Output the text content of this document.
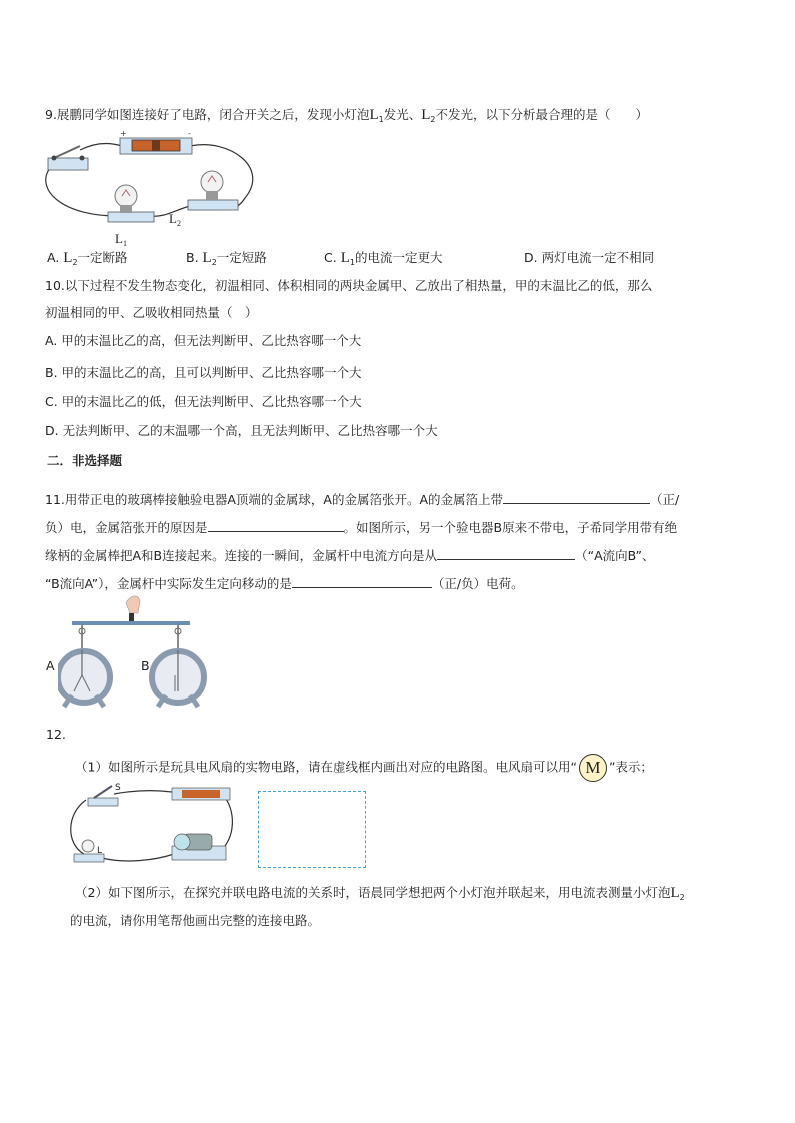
9.展鹏同学如图连接好了电路，闭合开关之后，发现小灯泡$L_1$发光、$L_2$不发光，以下分析最合理的是（　　）
+	-
$L_2$
$L_1$
A. $L_2$一定断路	B. $L_2$一定短路	C. $L_1$的电流一定更大	D. 两灯电流一定不相同
10.以下过程不发生物态变化，初温相同、体积相同的两块金属甲、乙放出了相热量，甲的末温比乙的低，那么
初温相同的甲、乙吸收相同热量（　）
A. 甲的末温比乙的高，但无法判断甲、乙比热容哪一个大
B. 甲的末温比乙的高，且可以判断甲、乙比热容哪一个大
C. 甲的末温比乙的低，但无法判断甲、乙比热容哪一个大
D. 无法判断甲、乙的末温哪一个高，且无法判断甲、乙比热容哪一个大
二．非选择题
11.用带正电的玻璃棒接触验电器A顶端的金属球，A的金属箔张开。A的金属箔上带	（正/
负）电，金属箔张开的原因是	。如图所示，另一个验电器B原来不带电，子希同学用带有绝
缘柄的金属棒把A和B连接起来。连接的一瞬间，金属杆中电流方向是从	（“A流向B”、
“B流向A”），金属杆中实际发生定向移动的是	（正/负）电荷。
A	B
12.
（1）如图所示是玩具电风扇的实物电路，请在虚线框内画出对应的电路图。电风扇可以用“ M ”表示；
S
L
（2）如下图所示，在探究并联电路电流的关系时，语晨同学想把两个小灯泡并联起来，用电流表测量小灯泡$L_2$
的电流，请你用笔帮他画出完整的连接电路。
